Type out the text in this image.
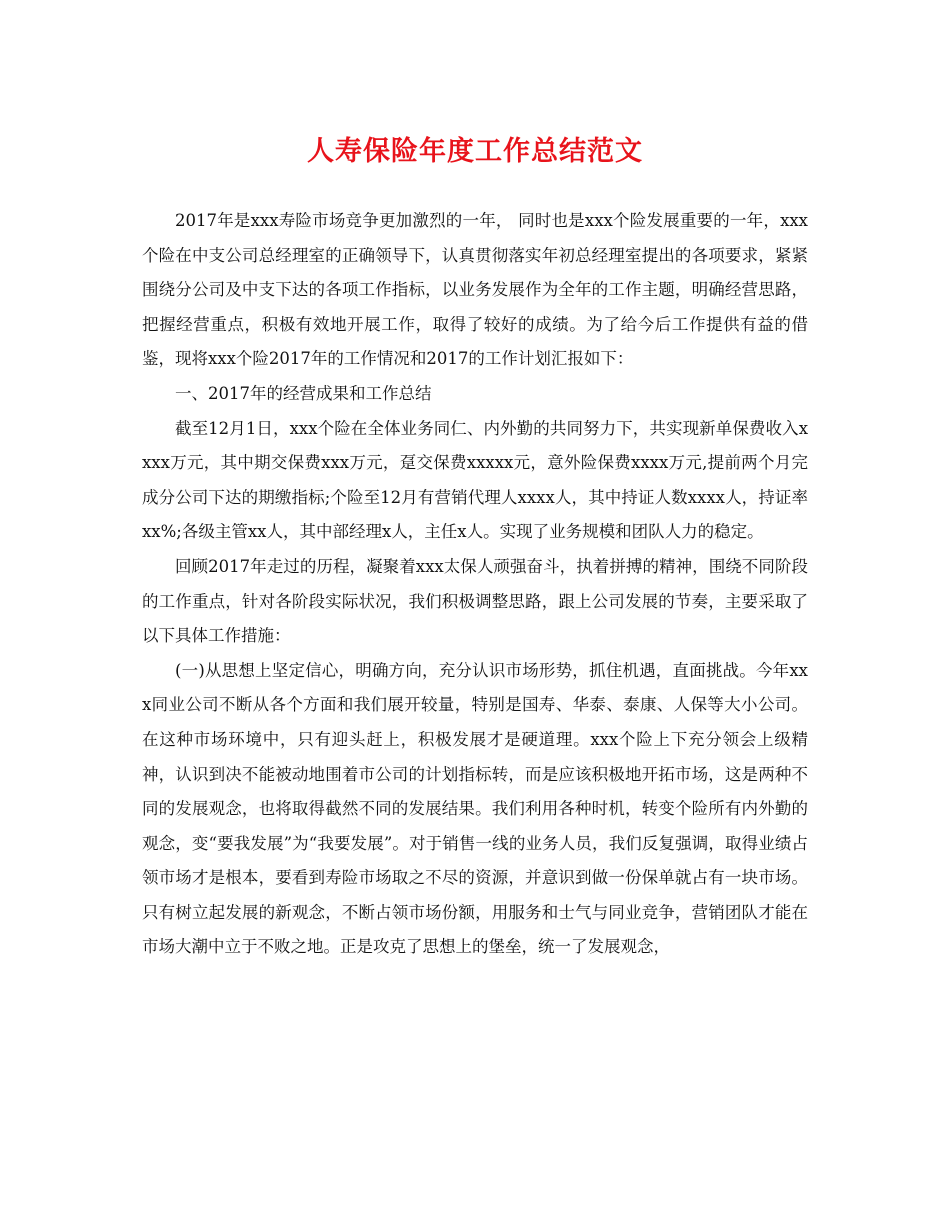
人寿保险年度工作总结范文

2017年是xxx寿险市场竞争更加激烈的一年， 同时也是xxx个险发展重要的一年，xxx个险在中支公司总经理室的正确领导下，认真贯彻落实年初总经理室提出的各项要求，紧紧围绕分公司及中支下达的各项工作指标，以业务发展作为全年的工作主题，明确经营思路，把握经营重点，积极有效地开展工作，取得了较好的成绩。为了给今后工作提供有益的借鉴，现将xxx个险2017年的工作情况和2017的工作计划汇报如下：

一、2017年的经营成果和工作总结

截至12月1日，xxx个险在全体业务同仁、内外勤的共同努力下，共实现新单保费收入xxxx万元，其中期交保费xxx万元，趸交保费xxxxx元，意外险保费xxxx万元,提前两个月完成分公司下达的期缴指标;个险至12月有营销代理人xxxx人，其中持证人数xxxx人，持证率xx%;各级主管xx人，其中部经理x人，主任x人。实现了业务规模和团队人力的稳定。

回顾2017年走过的历程，凝聚着xxx太保人顽强奋斗，执着拼搏的精神，围绕不同阶段的工作重点，针对各阶段实际状况，我们积极调整思路，跟上公司发展的节奏，主要采取了以下具体工作措施：

(一)从思想上坚定信心，明确方向，充分认识市场形势，抓住机遇，直面挑战。今年xxx同业公司不断从各个方面和我们展开较量，特别是国寿、华泰、泰康、人保等大小公司。在这种市场环境中，只有迎头赶上，积极发展才是硬道理。xxx个险上下充分领会上级精神，认识到决不能被动地围着市公司的计划指标转，而是应该积极地开拓市场，这是两种不同的发展观念，也将取得截然不同的发展结果。我们利用各种时机，转变个险所有内外勤的观念，变“要我发展”为“我要发展”。对于销售一线的业务人员，我们反复强调，取得业绩占领市场才是根本，要看到寿险市场取之不尽的资源，并意识到做一份保单就占有一块市场。只有树立起发展的新观念，不断占领市场份额，用服务和士气与同业竞争，营销团队才能在市场大潮中立于不败之地。正是攻克了思想上的堡垒，统一了发展观念，
